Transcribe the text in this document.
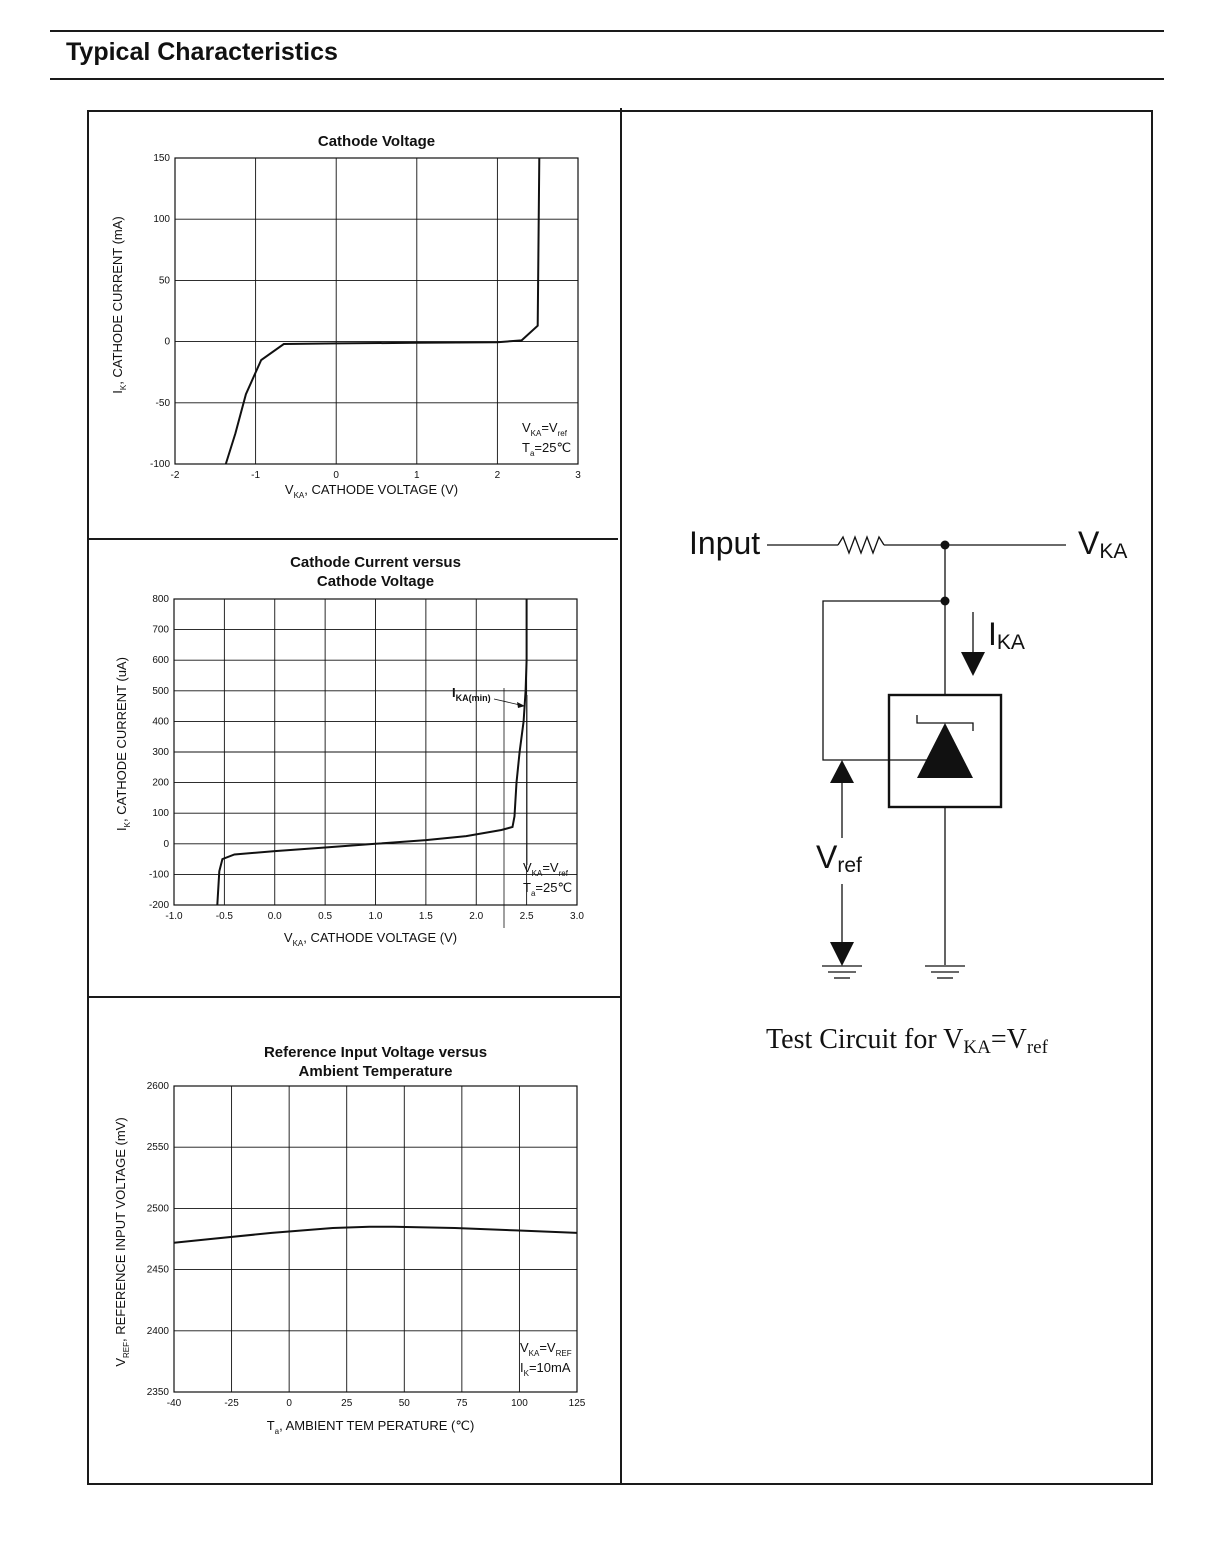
Typical Characteristics
Cathode Voltage
-2	-1	0	1	2	3
150
100
50
0
-50
-100
$V_{KA}$, CATHODE VOLTAGE (V)
$I_K$, CATHODE CURRENT (mA)
$V_{KA}=V_{ref}$
$T_a=25℃$
Cathode Current versus
Cathode Voltage
-1.0	-0.5	0.0	0.5	1.0	1.5	2.0	2.5	3.0
800
700
600
500
400
300
200
100
0
-100
-200
$V_{KA}$, CATHODE VOLTAGE (V)
$I_K$, CATHODE CURRENT (uA)
$V_{KA}=V_{ref}$
$T_a=25℃$
$I_{KA(min)}$
Reference Input Voltage versus
Ambient Temperature
-40	-25	0	25	50	75	100	125
2600
2550
2500
2450
2400
2350
$T_a$, AMBIENT TEM PERATURE (℃)
$V_{REF}$, REFERENCE INPUT VOLTAGE (mV)
$V_{KA}=V_{REF}$
$I_K=10mA$
Input	VKA
IKA
Vref
Test Circuit for VKA=Vref
